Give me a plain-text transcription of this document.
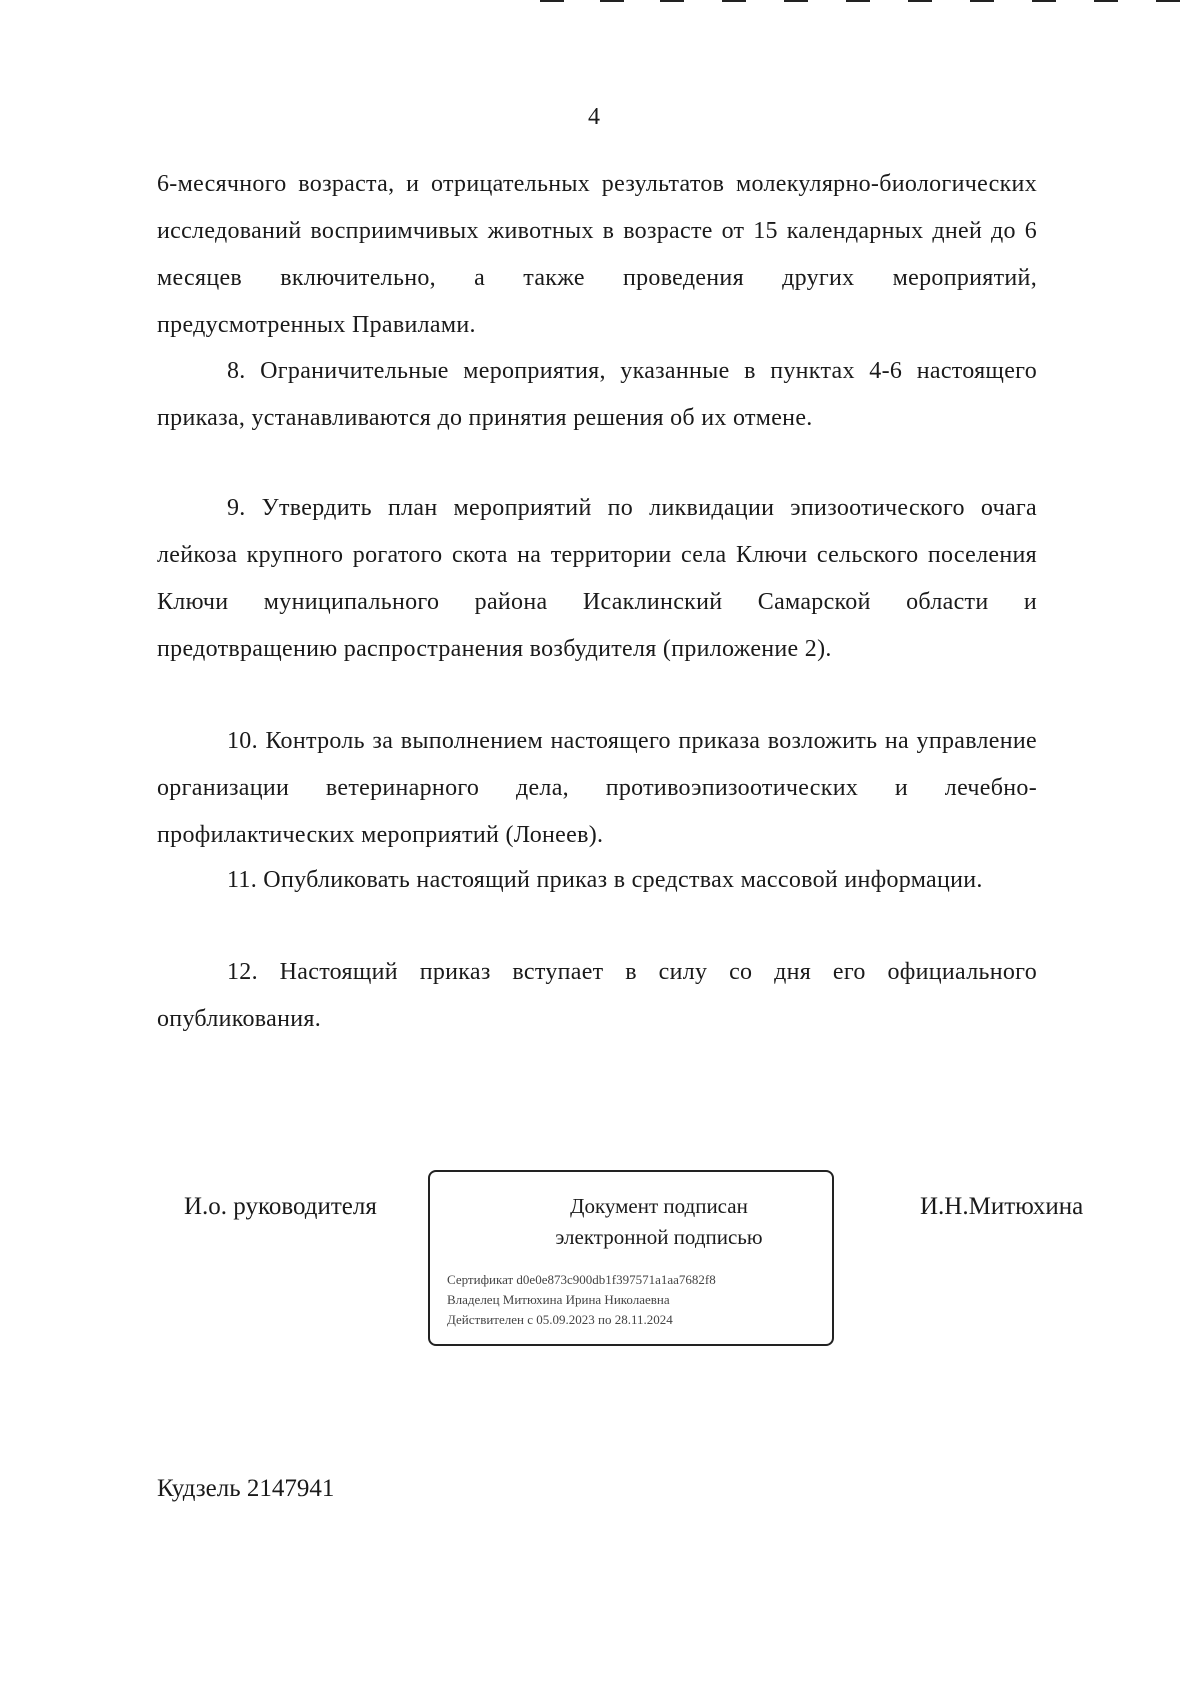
4

6-месячного возраста, и отрицательных результатов молекулярно-биологических исследований восприимчивых животных в возрасте от 15 календарных дней до 6 месяцев включительно, а также проведения других мероприятий, предусмотренных Правилами.

8. Ограничительные мероприятия, указанные в пунктах 4-6 настоящего приказа, устанавливаются до принятия решения об их отмене.

9. Утвердить план мероприятий по ликвидации эпизоотического очага лейкоза крупного рогатого скота на территории села Ключи сельского поселения Ключи муниципального района Исаклинский Самарской области и предотвращению распространения возбудителя (приложение 2).

10. Контроль за выполнением настоящего приказа возложить на управление организации ветеринарного дела, противоэпизоотических и лечебно-профилактических мероприятий (Лонеев).

11. Опубликовать настоящий приказ в средствах массовой информации.

12. Настоящий приказ вступает в силу со дня его официального опубликования.

И.о. руководителя	Документ подписан
электронной подписью
Сертификат d0e0e873c900db1f397571a1aa7682f8
Владелец Митюхина Ирина Николаевна
Действителен с 05.09.2023 по 28.11.2024
И.Н.Митюхина
Кудзель 2147941
